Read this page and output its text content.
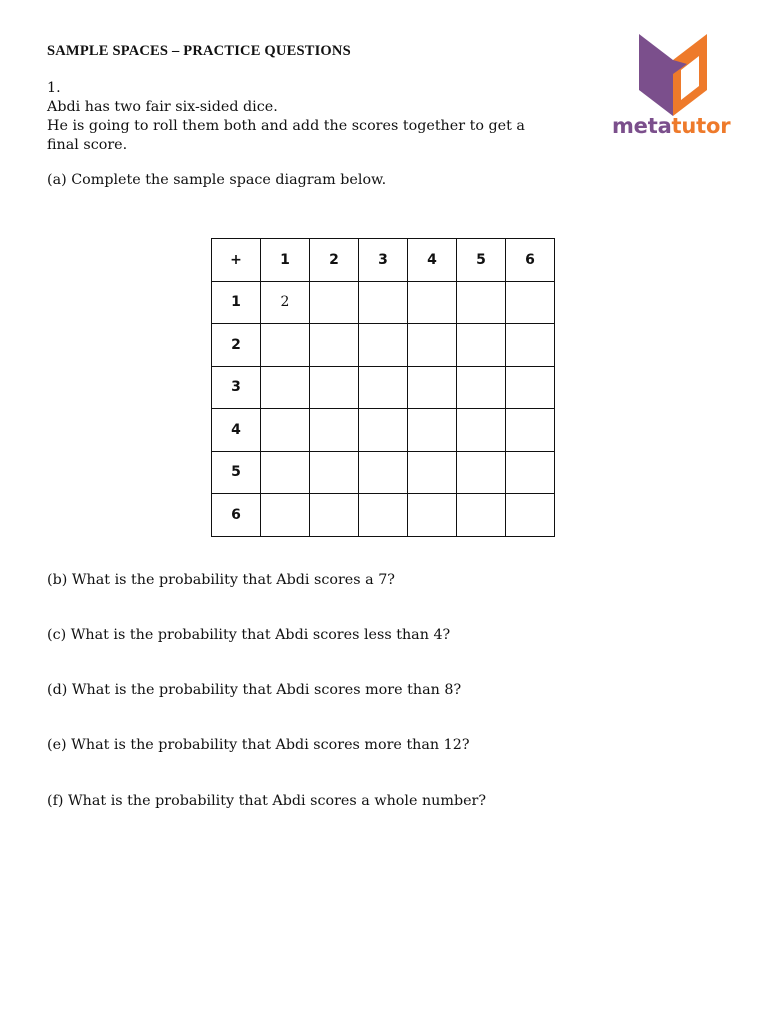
SAMPLE SPACES – PRACTICE QUESTIONS
metatutor
1.
Abdi has two fair six-sided dice.
He is going to roll them both and add the scores together to get a
final score.
(a) Complete the sample space diagram below.
+	1	2	3	4	5	6
1	2					
2						
3						
4						
5						
6						
(b) What is the probability that Abdi scores a 7?
(c) What is the probability that Abdi scores less than 4?
(d) What is the probability that Abdi scores more than 8?
(e) What is the probability that Abdi scores more than 12?
(f) What is the probability that Abdi scores a whole number?
